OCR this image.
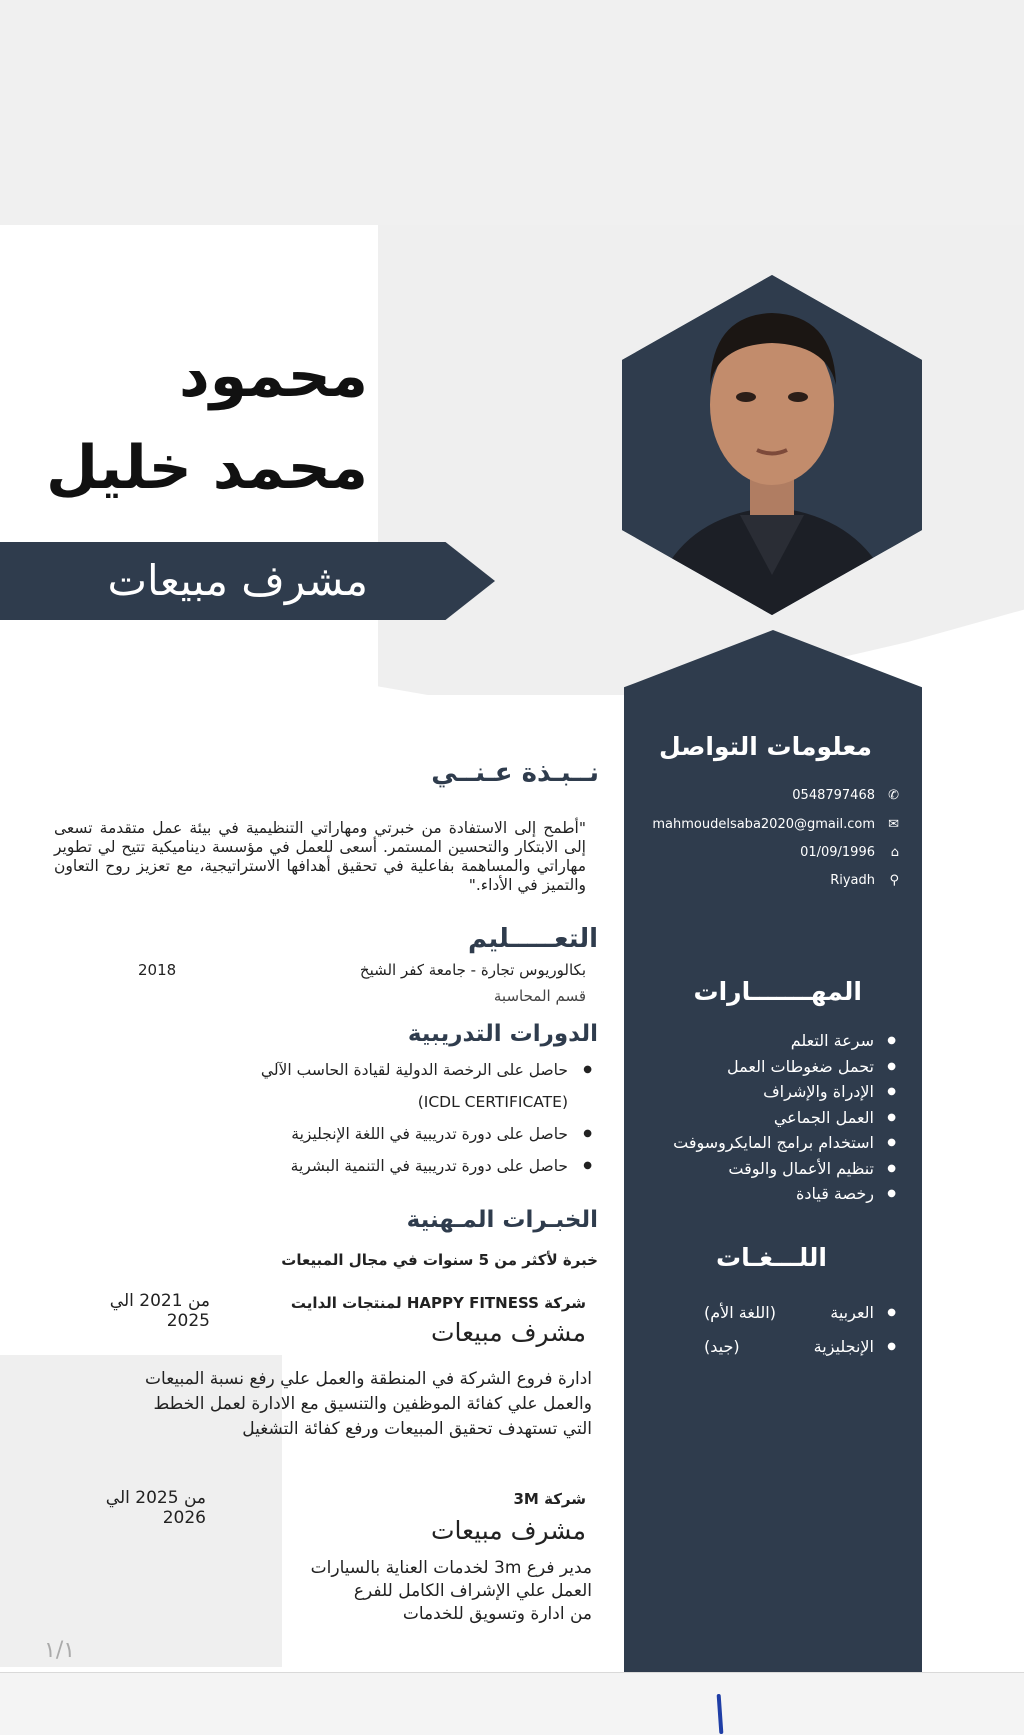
محمود
محمد خليل
مشرف مبيعات
معلومات التواصل
✆0548797468
✉mahmoudelsaba2020@gmail.com
⌂01/09/1996
⚲Riyadh
المهـــــــارات
● سرعة التعلم
● تحمل ضغوطات العمل
● الإدراة والإشراف
● العمل الجماعي
● استخدام برامج المايكروسوفت
● تنظيم الأعمال والوقت
● رخصة قيادة
اللـــغـات
● العربية
(اللغة الأم)
● الإنجليزية
(جيد)
نــبـذة عـنــي
"أطمح إلى الاستفادة من خبرتي ومهاراتي التنظيمية في بيئة عمل متقدمة تسعى إلى الابتكار والتحسين المستمر. أسعى للعمل في مؤسسة ديناميكية تتيح لي تطوير مهاراتي والمساهمة بفاعلية في تحقيق أهدافها الاستراتيجية، مع تعزيز روح التعاون والتميز في الأداء."
التعـــــليم
بكالوريوس تجارة - جامعة كفر الشيخ
2018
قسم المحاسبة
الدورات التدريبية
● حاصل على الرخصة الدولية لقيادة الحاسب الآلي
(ICDL CERTIFICATE)
● حاصل على دورة تدريبية في اللغة الإنجليزية
● حاصل على دورة تدريبية في التنمية البشرية
الخبـرات المـهنية
خبرة لأكثر من 5 سنوات في مجال المبيعات
شركة HAPPY FITNESS لمنتجات الدايت
من 2021 الي 2025	مشرف مبيعات
ادارة فروع الشركة في المنطقة والعمل علي رفع نسبة المبيعات
والعمل علي كفائة الموظفين والتنسيق مع الادارة لعمل الخطط
التي تستهدف تحقيق المبيعات ورفع كفائة التشغيل
شركة 3M
من 2025 الي 2026	مشرف مبيعات
مدير فرع 3m لخدمات العناية بالسيارات
العمل علي الإشراف الكامل للفرع
من ادارة وتسويق للخدمات
١/١
